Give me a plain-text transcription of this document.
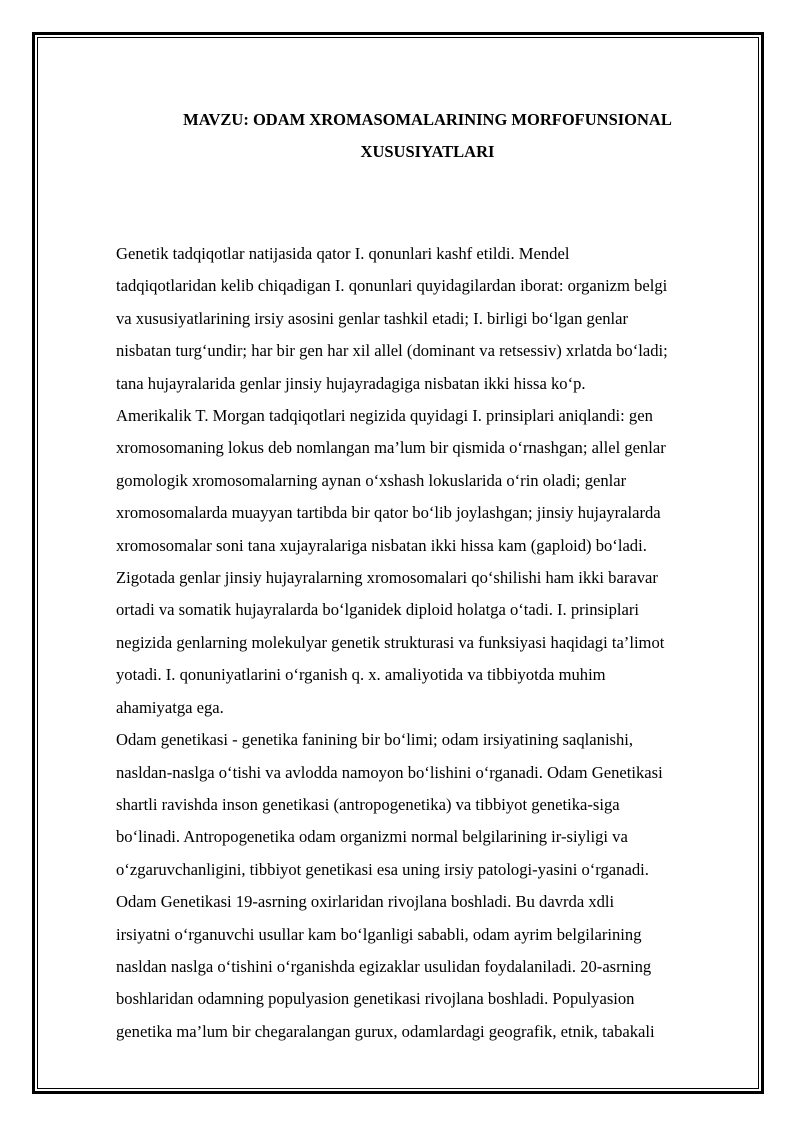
MAVZU: ODAM XROMASOMALARINING MORFOFUNSIONAL
XUSUSIYATLARI

Genetik tadqiqotlar natijasida qator I. qonunlari kashf etildi. Mendel
tadqiqotlaridan kelib chiqadigan I. qonunlari quyidagilardan iborat: organizm belgi
va xususiyatlarining irsiy asosini genlar tashkil etadi; I. birligi bo‘lgan genlar
nisbatan turg‘undir; har bir gen har xil allel (dominant va retsessiv) xrlatda bo‘ladi;
tana hujayralarida genlar jinsiy hujayradagiga nisbatan ikki hissa ko‘p.

Amerikalik T. Morgan tadqiqotlari negizida quyidagi I. prinsiplari aniqlandi: gen
xromosomaning lokus deb nomlangan ma’lum bir qismida o‘rnashgan; allel genlar
gomologik xromosomalarning aynan o‘xshash lokuslarida o‘rin oladi; genlar
xromosomalarda muayyan tartibda bir qator bo‘lib joylashgan; jinsiy hujayralarda
xromosomalar soni tana xujayralariga nisbatan ikki hissa kam (gaploid) bo‘ladi.
Zigotada genlar jinsiy hujayralarning xromosomalari qo‘shilishi ham ikki baravar
ortadi va somatik hujayralarda bo‘lganidek diploid holatga o‘tadi. I. prinsiplari
negizida genlarning molekulyar genetik strukturasi va funksiyasi haqidagi ta’limot
yotadi. I. qonuniyatlarini o‘rganish q. x. amaliyotida va tibbiyotda muhim
ahamiyatga ega.

Odam genetikasi - genetika fanining bir bo‘limi; odam irsiyatining saqlanishi,
nasldan-naslga o‘tishi va avlodda namoyon bo‘lishini o‘rganadi. Odam Genetikasi
shartli ravishda inson genetikasi (antropogenetika) va tibbiyot genetika-siga
bo‘linadi. Antropogenetika odam organizmi normal belgilarining ir-siyligi va
o‘zgaruvchanligini, tibbiyot genetikasi esa uning irsiy patologi-yasini o‘rganadi.
Odam Genetikasi 19-asrning oxirlaridan rivojlana boshladi. Bu davrda xdli
irsiyatni o‘rganuvchi usullar kam bo‘lganligi sababli, odam ayrim belgilarining
nasldan naslga o‘tishini o‘rganishda egizaklar usulidan foydalaniladi. 20-asrning
boshlaridan odamning populyasion genetikasi rivojlana boshladi. Populyasion
genetika ma’lum bir chegaralangan gurux, odamlardagi geografik, etnik, tabakali
